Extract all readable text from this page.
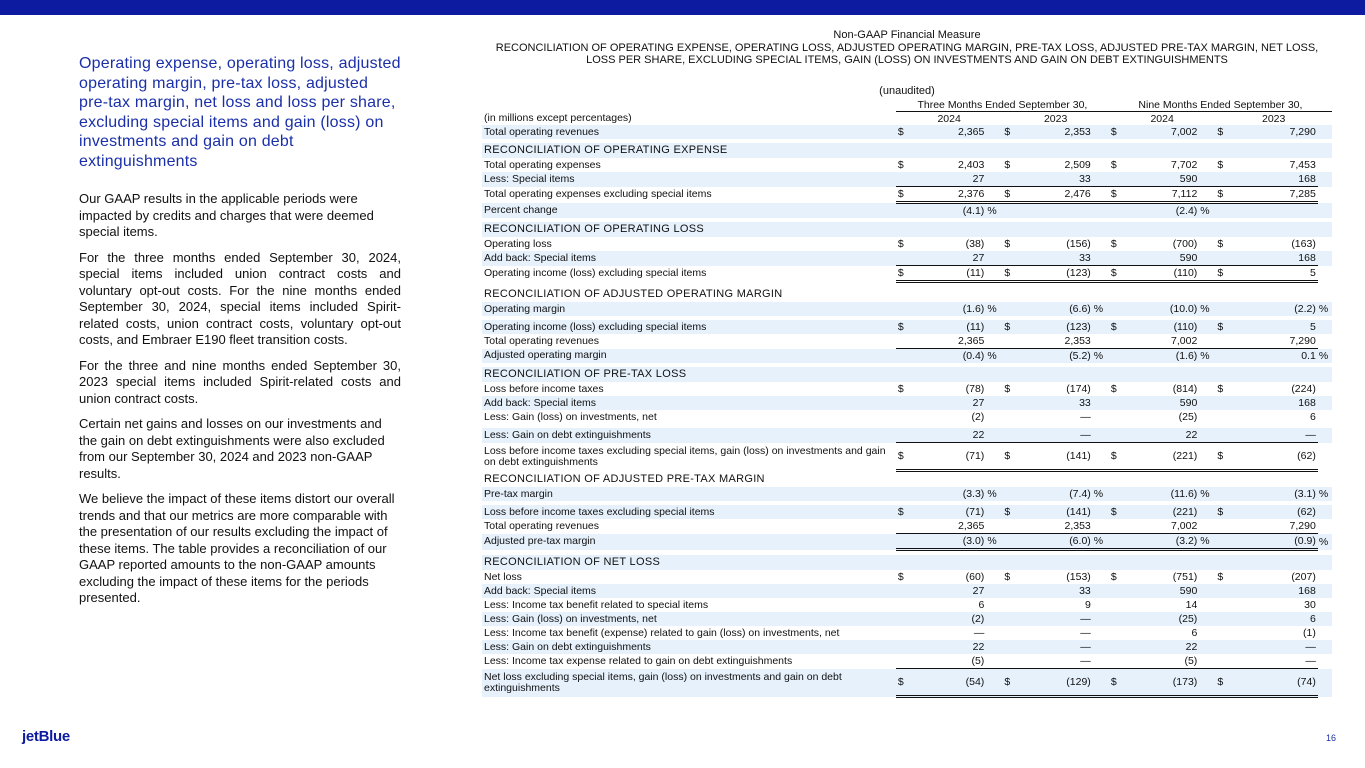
Operating expense, operating loss, adjusted operating margin, pre-tax loss, adjusted pre-tax margin, net loss and loss per share, excluding special items and gain (loss) on investments and gain on debt extinguishments

Our GAAP results in the applicable periods were impacted by credits and charges that were deemed special items.

For the three months ended September 30, 2024, special items included union contract costs and voluntary opt-out costs. For the nine months ended September 30, 2024, special items included Spirit-related costs, union contract costs, voluntary opt-out costs, and Embraer E190 fleet transition costs.

For the three and nine months ended September 30, 2023 special items included Spirit-related costs and union contract costs.

Certain net gains and losses on our investments and the gain on debt extinguishments were also excluded from our September 30, 2024 and 2023 non-GAAP results.

We believe the impact of these items distort our overall trends and that our metrics are more comparable with the presentation of our results excluding the impact of these items. The table provides a reconciliation of our GAAP reported amounts to the non-GAAP amounts excluding the impact of these items for the periods presented.

Non-GAAP Financial Measure
RECONCILIATION OF OPERATING EXPENSE, OPERATING LOSS, ADJUSTED OPERATING MARGIN, PRE-TAX LOSS, ADJUSTED PRE-TAX MARGIN, NET LOSS, LOSS PER SHARE, EXCLUDING SPECIAL ITEMS, GAIN (LOSS) ON INVESTMENTS AND GAIN ON DEBT EXTINGUISHMENTS
(unaudited)
	Three Months Ended September 30,						Nine Months Ended September 30,					
(in millions except percentages)	2024			2023			2024			2023		
Total operating revenues	$	2,365		$	2,353		$	7,002		$	7,290	

RECONCILIATION OF OPERATING EXPENSE												
Total operating expenses	$	2,403		$	2,509		$	7,702		$	7,453	
Less: Special items		27			33			590			168	
Total operating expenses excluding special items	$	2,376		$	2,476		$	7,112		$	7,285	
Percent change		(4.1)	%					(2.4)	%			

RECONCILIATION OF OPERATING LOSS												
Operating loss	$	(38)		$	(156)		$	(700)		$	(163)	
Add back: Special items		27			33			590			168	
Operating income (loss) excluding special items	$	(11)		$	(123)		$	(110)		$	5	

RECONCILIATION OF ADJUSTED OPERATING MARGIN												
Operating margin		(1.6)	%		(6.6)	%		(10.0)	%		(2.2)	%

Operating income (loss) excluding special items	$	(11)		$	(123)		$	(110)		$	5	
Total operating revenues		2,365			2,353			7,002			7,290	
Adjusted operating margin		(0.4)	%		(5.2)	%		(1.6)	%		0.1	%

RECONCILIATION OF PRE-TAX LOSS												
Loss before income taxes	$	(78)		$	(174)		$	(814)		$	(224)	
Add back: Special items		27			33			590			168	
Less: Gain (loss) on investments, net		(2)			—			(25)			6	

Less: Gain on debt extinguishments		22			—			22			—	
Loss before income taxes excluding special items, gain (loss) on investments and gain on debt extinguishments	$	(71)		$	(141)		$	(221)		$	(62)	
RECONCILIATION OF ADJUSTED PRE-TAX MARGIN												
Pre-tax margin		(3.3)	%		(7.4)	%		(11.6)	%		(3.1)	%

Loss before income taxes excluding special items	$	(71)		$	(141)		$	(221)		$	(62)	
Total operating revenues		2,365			2,353			7,002			7,290	
Adjusted pre-tax margin		(3.0)	%		(6.0)	%		(3.2)	%		(0.9)	%

RECONCILIATION OF NET LOSS												
Net loss	$	(60)		$	(153)		$	(751)		$	(207)	
Add back: Special items		27			33			590			168	
Less: Income tax benefit related to special items		6			9			14			30	
Less: Gain (loss) on investments, net		(2)			—			(25)			6	
Less: Income tax benefit (expense) related to gain (loss) on investments, net		—			—			6			(1)	
Less: Gain on debt extinguishments		22			—			22			—	
Less: Income tax expense related to gain on debt extinguishments		(5)			—			(5)			—	
Net loss excluding special items, gain (loss) on investments and gain on debt extinguishments	$	(54)		$	(129)		$	(173)		$	(74)	
jetBlue	16
